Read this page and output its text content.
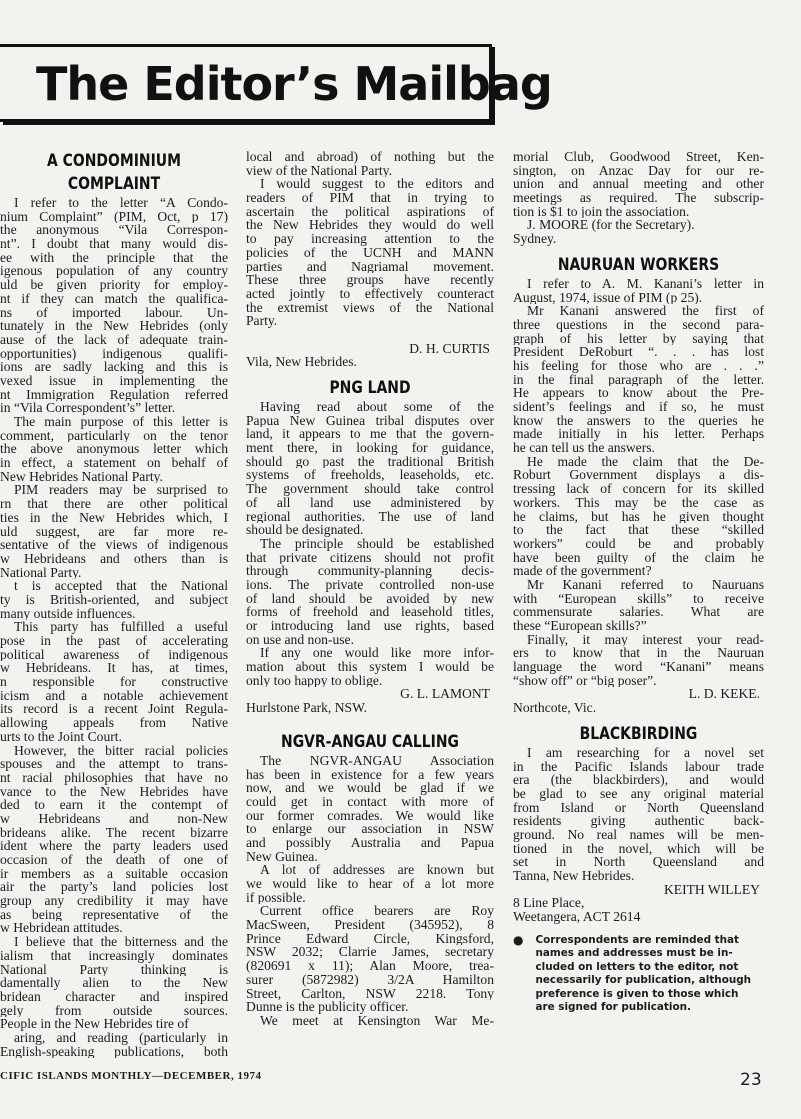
The Editor’s Mailbag
A CONDOMINIUM
COMPLAINT
I refer to the letter “A Condo-
nium Complaint” (PIM, Oct, p 17)
the anonymous “Vila Correspon-
nt”. I doubt that many would dis-
ee with the principle that the
igenous population of any country
uld be given priority for employ-
nt if they can match the qualifica-
ns of imported labour. Un-
tunately in the New Hebrides (only
ause of the lack of adequate train-
opportunities) indigenous qualifi-
ions are sadly lacking and this is
vexed issue in implementing the
nt Immigration Regulation referred
in “Vila Correspondent’s” letter.
The main purpose of this letter is
comment, particularly on the tenor
the above anonymous letter which
in effect, a statement on behalf of
New Hebrides National Party.
PIM readers may be surprised to
rn that there are other political
ties in the New Hebrides which, I
uld suggest, are far more re-
sentative of the views of indigenous
w Hebrideans and others than is
National Party.
t is accepted that the National
ty is British-oriented, and subject
many outside influences.
This party has fulfilled a useful
pose in the past of accelerating
political awareness of indigenous
w Hebrideans. It has, at times,
n responsible for constructive
icism and a notable achievement
its record is a recent Joint Regula-
allowing appeals from Native
urts to the Joint Court.
However, the bitter racial policies
spouses and the attempt to trans-
nt racial philosophies that have no
vance to the New Hebrides have
ded to earn it the contempt of
w Hebrideans and non-New
brideans alike. The recent bizarre
ident where the party leaders used
occasion of the death of one of
ir members as a suitable occasion
air the party’s land policies lost
group any credibility it may have
as being representative of the
w Hebridean attitudes.
I believe that the bitterness and the
ialism that increasingly dominates
National Party thinking is
damentally alien to the New
bridean character and inspired
gely from outside sources.
People in the New Hebrides tire of
aring, and reading (particularly in
English-speaking publications, both
local and abroad) of nothing but the
view of the National Party.
I would suggest to the editors and
readers of PIM that in trying to
ascertain the political aspirations of
the New Hebrides they would do well
to pay increasing attention to the
policies of the UCNH and MANN
parties and Nagriamal movement.
These three groups have recently
acted jointly to effectively counteract
the extremist views of the National
Party.
D. H. CURTIS
Vila, New Hebrides.
PNG LAND
Having read about some of the
Papua New Guinea tribal disputes over
land, it appears to me that the govern-
ment there, in looking for guidance,
should go past the traditional British
systems of freeholds, leaseholds, etc.
The government should take control
of all land use administered by
regional authorities. The use of land
should be designated.
The principle should be established
that private citizens should not profit
through community-planning decis-
ions. The private controlled non-use
of land should be avoided by new
forms of freehold and leasehold titles,
or introducing land use rights, based
on use and non-use.
If any one would like more infor-
mation about this system I would be
only too happy to oblige.
G. L. LAMONT
Hurlstone Park, NSW.
NGVR-ANGAU CALLING
The NGVR-ANGAU Association
has been in existence for a few years
now, and we would be glad if we
could get in contact with more of
our former comrades. We would like
to enlarge our association in NSW
and possibly Australia and Papua
New Guinea.
A lot of addresses are known but
we would like to hear of a lot more
if possible.
Current office bearers are Roy
MacSween, President (345952), 8
Prince Edward Circle, Kingsford,
NSW 2032; Clarrie James, secretary
(820691 x 11); Alan Moore, trea-
surer (5872982) 3/2A Hamilton
Street, Carlton, NSW 2218. Tony
Dunne is the publicity officer.
We meet at Kensington War Me-
morial Club, Goodwood Street, Ken-
sington, on Anzac Day for our re-
union and annual meeting and other
meetings as required. The subscrip-
tion is $1 to join the association.
J. MOORE (for the Secretary).
Sydney.
NAURUAN WORKERS
I refer to A. M. Kanani’s letter in
August, 1974, issue of PIM (p 25).
Mr Kanani answered the first of
three questions in the second para-
graph of his letter by saying that
President DeRoburt “. . . has lost
his feeling for those who are . . .”
in the final paragraph of the letter.
He appears to know about the Pre-
sident’s feelings and if so, he must
know the answers to the queries he
made initially in his letter. Perhaps
he can tell us the answers.
He made the claim that the De-
Roburt Government displays a dis-
tressing lack of concern for its skilled
workers. This may be the case as
he claims, but has he given thought
to the fact that these “skilled
workers” could be and probably
have been guilty of the claim he
made of the government?
Mr Kanani referred to Nauruans
with “European skills” to receive
commensurate salaries. What are
these “European skills?”
Finally, it may interest your read-
ers to know that in the Nauruan
language the word “Kanani” means
“show off” or “big poser”.
L. D. KEKE.
Northcote, Vic.
BLACKBIRDING
I am researching for a novel set
in the Pacific Islands labour trade
era (the blackbirders), and would
be glad to see any original material
from Island or North Queensland
residents giving authentic back-
ground. No real names will be men-
tioned in the novel, which will be
set in North Queensland and
Tanna, New Hebrides.
KEITH WILLEY
8 Line Place,
Weetangera, ACT 2614
● Correspondents are reminded that
names and addresses must be in-
cluded on letters to the editor, not
necessarily for publication, although
preference is given to those which
are signed for publication.
CIFIC ISLANDS MONTHLY—DECEMBER, 1974	23
